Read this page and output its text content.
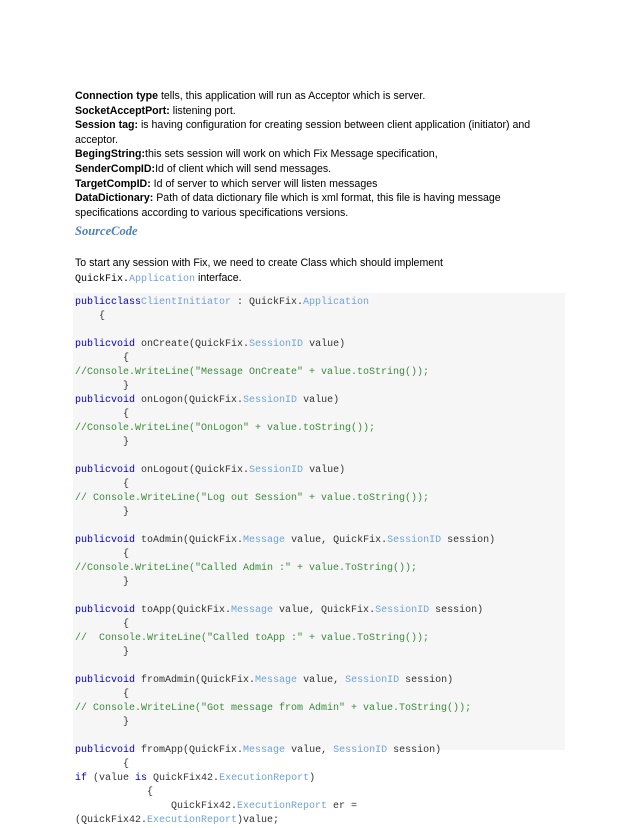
Connection type tells, this application will run as Acceptor which is server.

SocketAcceptPort: listening port.

Session tag: is having configuration for creating session between client application (initiator) and acceptor.

BegingString:this sets session will work on which Fix Message specification,

SenderCompID:Id of client which will send messages.

TargetCompID: Id of server to which server will listen messages

DataDictionary: Path of data dictionary file which is xml format, this file is having message specifications according to various specifications versions.

SourceCode

To start any session with Fix, we need to create Class which should implement

QuickFix.Application interface.

publicclassClientInitiator : QuickFix.Application
{
publicvoid onCreate(QuickFix.SessionID value)
{
//Console.WriteLine("Message OnCreate" + value.toString());
}
publicvoid onLogon(QuickFix.SessionID value)
{
//Console.WriteLine("OnLogon" + value.toString());
}
publicvoid onLogout(QuickFix.SessionID value)
{
// Console.WriteLine("Log out Session" + value.toString());
}
publicvoid toAdmin(QuickFix.Message value, QuickFix.SessionID session)
{
//Console.WriteLine("Called Admin :" + value.ToString());
}
publicvoid toApp(QuickFix.Message value, QuickFix.SessionID session)
{
//  Console.WriteLine("Called toApp :" + value.ToString());
}
publicvoid fromAdmin(QuickFix.Message value, SessionID session)
{
// Console.WriteLine("Got message from Admin" + value.ToString());
}
publicvoid fromApp(QuickFix.Message value, SessionID session)
{
if (value is QuickFix42.ExecutionReport)
{
QuickFix42.ExecutionReport er =
(QuickFix42.ExecutionReport)value;
